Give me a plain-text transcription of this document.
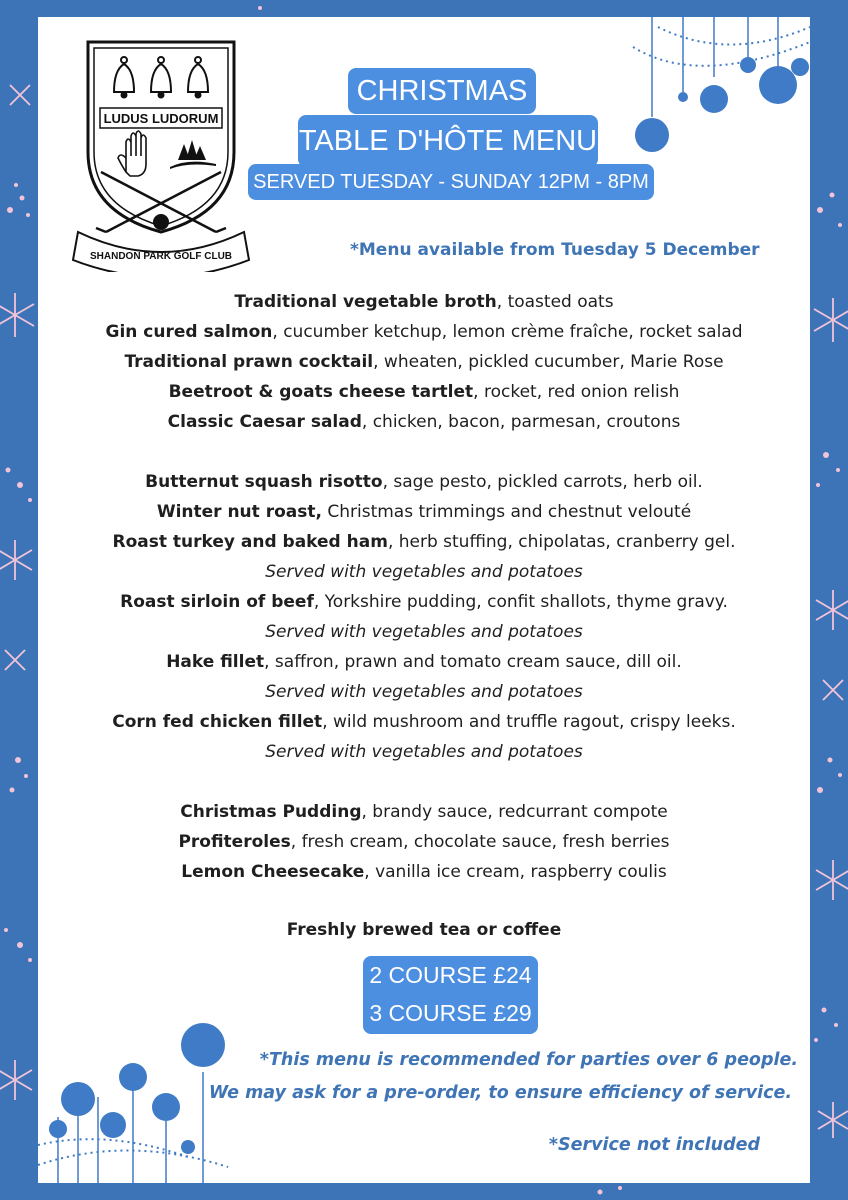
LUDUS LUDORUM
SHANDON PARK GOLF CLUB
CHRISTMAS
TABLE D'HÔTE MENU
SERVED TUESDAY - SUNDAY 12PM - 8PM
*Menu available from Tuesday 5 December
Traditional vegetable broth, toasted oats
Gin cured salmon, cucumber ketchup, lemon crème fraîche, rocket salad
Traditional prawn cocktail, wheaten, pickled cucumber, Marie Rose
Beetroot & goats cheese tartlet, rocket, red onion relish
Classic Caesar salad, chicken, bacon, parmesan, croutons
Butternut squash risotto, sage pesto, pickled carrots, herb oil.
Winter nut roast, Christmas trimmings and chestnut velouté
Roast turkey and baked ham, herb stuffing, chipolatas, cranberry gel.
Served with vegetables and potatoes
Roast sirloin of beef, Yorkshire pudding, confit shallots, thyme gravy.
Served with vegetables and potatoes
Hake fillet, saffron, prawn and tomato cream sauce, dill oil.
Served with vegetables and potatoes
Corn fed chicken fillet, wild mushroom and truffle ragout, crispy leeks.
Served with vegetables and potatoes
Christmas Pudding, brandy sauce, redcurrant compote
Profiteroles, fresh cream, chocolate sauce, fresh berries
Lemon Cheesecake, vanilla ice cream, raspberry coulis
Freshly brewed tea or coffee
2 COURSE £24
3 COURSE £29
*This menu is recommended for parties over 6 people.
We may ask for a pre-order, to ensure efficiency of service.
*Service not included
